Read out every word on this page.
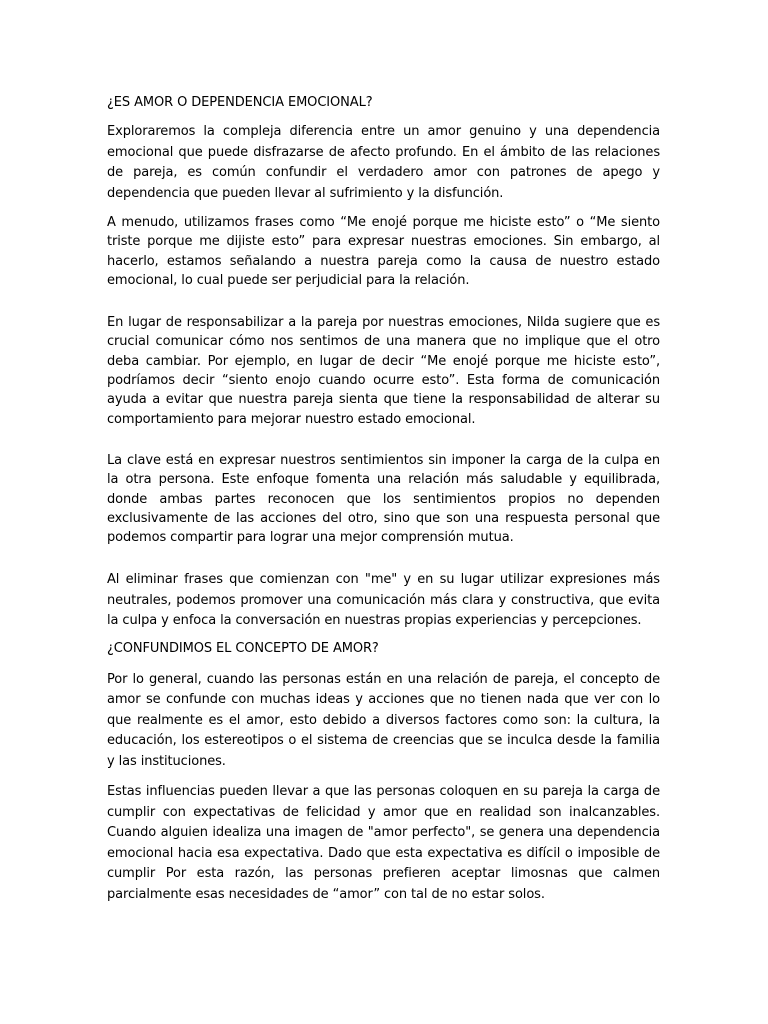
¿ES AMOR O DEPENDENCIA EMOCIONAL?

Exploraremos la compleja diferencia entre un amor genuino y una dependencia emocional que puede disfrazarse de afecto profundo. En el ámbito de las relaciones de pareja, es común confundir el verdadero amor con patrones de apego y dependencia que pueden llevar al sufrimiento y la disfunción.

A menudo, utilizamos frases como “Me enojé porque me hiciste esto” o “Me siento triste porque me dijiste esto” para expresar nuestras emociones. Sin embargo, al hacerlo, estamos señalando a nuestra pareja como la causa de nuestro estado emocional, lo cual puede ser perjudicial para la relación.

En lugar de responsabilizar a la pareja por nuestras emociones, Nilda sugiere que es crucial comunicar cómo nos sentimos de una manera que no implique que el otro deba cambiar. Por ejemplo, en lugar de decir “Me enojé porque me hiciste esto”, podríamos decir “siento enojo cuando ocurre esto”. Esta forma de comunicación ayuda a evitar que nuestra pareja sienta que tiene la responsabilidad de alterar su comportamiento para mejorar nuestro estado emocional.

La clave está en expresar nuestros sentimientos sin imponer la carga de la culpa en la otra persona. Este enfoque fomenta una relación más saludable y equilibrada, donde ambas partes reconocen que los sentimientos propios no dependen exclusivamente de las acciones del otro, sino que son una respuesta personal que podemos compartir para lograr una mejor comprensión mutua.

Al eliminar frases que comienzan con "me" y en su lugar utilizar expresiones más neutrales, podemos promover una comunicación más clara y constructiva, que evita la culpa y enfoca la conversación en nuestras propias experiencias y percepciones.

¿CONFUNDIMOS EL CONCEPTO DE AMOR?

Por lo general, cuando las personas están en una relación de pareja, el concepto de amor se confunde con muchas ideas y acciones que no tienen nada que ver con lo que realmente es el amor, esto debido a diversos factores como son: la cultura, la educación, los estereotipos o el sistema de creencias que se inculca desde la familia y las instituciones.

Estas influencias pueden llevar a que las personas coloquen en su pareja la carga de cumplir con expectativas de felicidad y amor que en realidad son inalcanzables. Cuando alguien idealiza una imagen de "amor perfecto", se genera una dependencia emocional hacia esa expectativa. Dado que esta expectativa es difícil o imposible de cumplir Por esta razón, las personas prefieren aceptar limosnas que calmen parcialmente esas necesidades de “amor” con tal de no estar solos.
